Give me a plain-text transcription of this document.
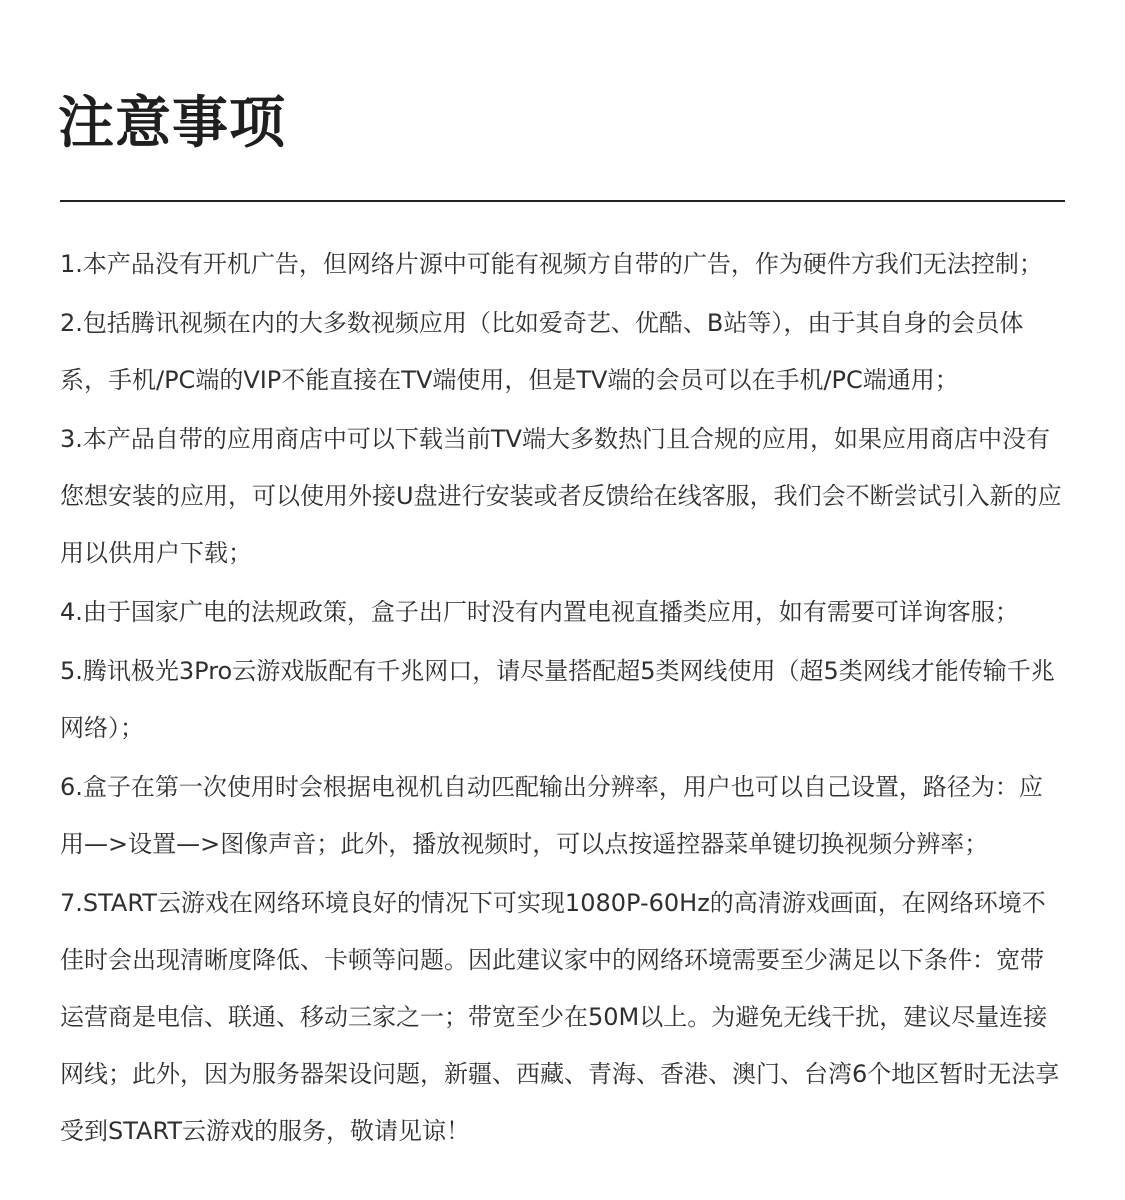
注意事项

1.本产品没有开机广告，但网络片源中可能有视频方自带的广告，作为硬件方我们无法控制；

2.包括腾讯视频在内的大多数视频应用（比如爱奇艺、优酷、B站等），由于其自身的会员体系，手机/PC端的VIP不能直接在TV端使用，但是TV端的会员可以在手机/PC端通用；

3.本产品自带的应用商店中可以下载当前TV端大多数热门且合规的应用，如果应用商店中没有您想安装的应用，可以使用外接U盘进行安装或者反馈给在线客服，我们会不断尝试引入新的应用以供用户下载；

4.由于国家广电的法规政策，盒子出厂时没有内置电视直播类应用，如有需要可详询客服；

5.腾讯极光3Pro云游戏版配有千兆网口，请尽量搭配超5类网线使用（超5类网线才能传输千兆网络）；

6.盒子在第一次使用时会根据电视机自动匹配输出分辨率，用户也可以自己设置，路径为：应用—>设置—>图像声音；此外，播放视频时，可以点按遥控器菜单键切换视频分辨率；

7.START云游戏在网络环境良好的情况下可实现1080P-60Hz的高清游戏画面，在网络环境不佳时会出现清晰度降低、卡顿等问题。因此建议家中的网络环境需要至少满足以下条件：宽带运营商是电信、联通、移动三家之一；带宽至少在50M以上。为避免无线干扰，建议尽量连接网线；此外，因为服务器架设问题，新疆、西藏、青海、香港、澳门、台湾6个地区暂时无法享受到START云游戏的服务，敬请见谅！
